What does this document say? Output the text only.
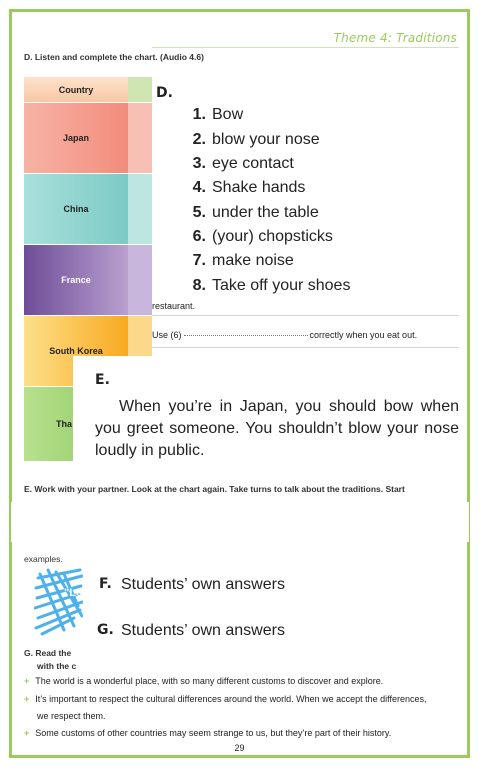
Theme 4: Traditions
D. Listen and complete the chart. (Audio 4.6)
Country
Japan
China
France
South Korea
Tha
restaurant.
Use (6)	correctly when you eat out.
D.
1. Bow
2. blow your nose
3. eye contact
4. Shake hands
5. under the table
6. (your) chopsticks
7. make noise
8. Take off your shoes
E.
When you’re in Japan, you should bow when you greet someone. You shouldn’t blow your nose loudly in public.
E. Work with your partner. Look at the chart again. Take turns to talk about the traditions. Start
examples.
"Le
F. Students’ own answers
G. Students’ own answers
G. Read the
with the c
+ The world is a wonderful place, with so many different customs to discover and explore.
+ It’s important to respect the cultural differences around the world. When we accept the differences,
we respect them.
+ Some customs of other countries may seem strange to us, but they’re part of their history.
29
